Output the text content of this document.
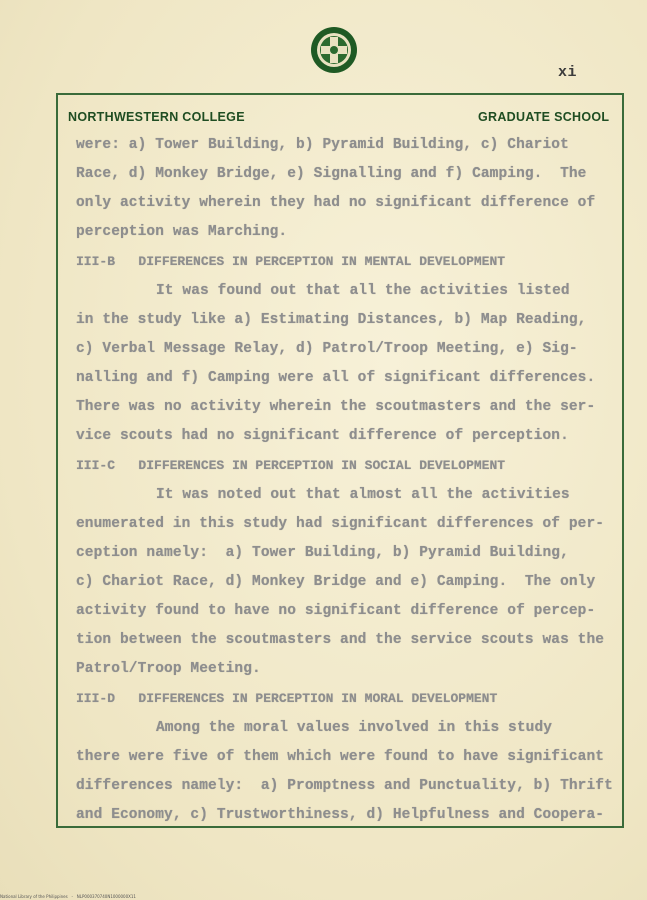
xi
NORTHWESTERN COLLEGE	GRADUATE SCHOOL
were: a) Tower Building, b) Pyramid Building, c) Chariot
Race, d) Monkey Bridge, e) Signalling and f) Camping.  The
only activity wherein they had no significant difference of
perception was Marching.
III-B   DIFFERENCES IN PERCEPTION IN MENTAL DEVELOPMENT
It was found out that all the activities listed
in the study like a) Estimating Distances, b) Map Reading,
c) Verbal Message Relay, d) Patrol/Troop Meeting, e) Sig-
nalling and f) Camping were all of significant differences.
There was no activity wherein the scoutmasters and the ser-
vice scouts had no significant difference of perception.
III-C   DIFFERENCES IN PERCEPTION IN SOCIAL DEVELOPMENT
It was noted out that almost all the activities
enumerated in this study had significant differences of per-
ception namely:  a) Tower Building, b) Pyramid Building,
c) Chariot Race, d) Monkey Bridge and e) Camping.  The only
activity found to have no significant difference of percep-
tion between the scoutmasters and the service scouts was the
Patrol/Troop Meeting.
III-D   DIFFERENCES IN PERCEPTION IN MORAL DEVELOPMENT
Among the moral values involved in this study
there were five of them which were found to have significant
differences namely:  a) Promptness and Punctuality, b) Thrift
and Economy, c) Trustworthiness, d) Helpfulness and Coopera-
National Library of the Philippines   -   NLP000370740N1000000X11
